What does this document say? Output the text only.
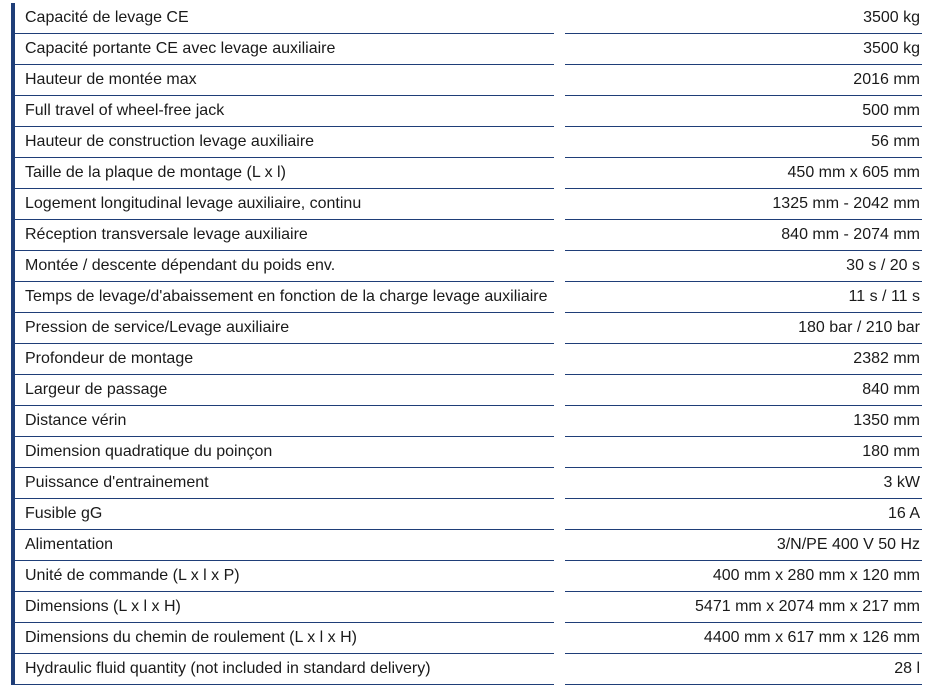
Capacité de levage CE	3500 kg
Capacité portante CE avec levage auxiliaire	3500 kg
Hauteur de montée max	2016 mm
Full travel of wheel-free jack	500 mm
Hauteur de construction levage auxiliaire	56 mm
Taille de la plaque de montage (L x l)	450 mm x 605 mm
Logement longitudinal levage auxiliaire, continu	1325 mm - 2042 mm
Réception transversale levage auxiliaire	840 mm - 2074 mm
Montée / descente dépendant du poids env.	30 s / 20 s
Temps de levage/d'abaissement en fonction de la charge levage auxiliaire	11 s / 11 s
Pression de service/Levage auxiliaire	180 bar / 210 bar
Profondeur de montage	2382 mm
Largeur de passage	840 mm
Distance vérin	1350 mm
Dimension quadratique du poinçon	180 mm
Puissance d'entrainement	3 kW
Fusible gG	16 A
Alimentation	3/N/PE 400 V 50 Hz
Unité de commande (L x l x P)	400 mm x 280 mm x 120 mm
Dimensions (L x l x H)	5471 mm x 2074 mm x 217 mm
Dimensions du chemin de roulement (L x l x H)	4400 mm x 617 mm x 126 mm
Hydraulic fluid quantity (not included in standard delivery)	28 l
